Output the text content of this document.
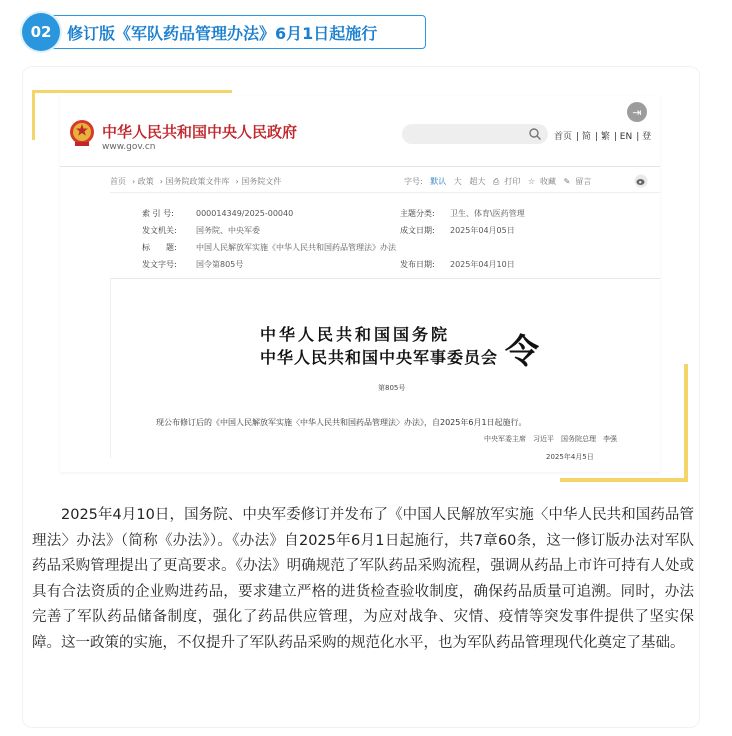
02 修订版《军队药品管理办法》6月1日起施行
中华人民共和国中央人民政府
www.gov.cn
首页 | 简 | 繁 | EN | 登
⇥
首页 › 政策 › 国务院政策文件库 › 国务院文件	字号: 默认 大 超大 ⎙ 打印 ☆ 收藏 ✎ 留言
索 引 号:	000014349/2025-00040	主题分类: 卫生、体育\医药管理
发文机关: 国务院、中央军委	成文日期: 2025年04月05日
标　　题: 中国人民解放军实施《中华人民共和国药品管理法》办法
发文字号: 国令第805号	发布日期: 2025年04月10日
中华人民共和国国务院
中华人民共和国中央军事委员会 令
第805号
现公布修订后的《中国人民解放军实施〈中华人民共和国药品管理法〉办法》，自2025年6月1日起施行。
中央军委主席　习近平　国务院总理　李强
2025年4月5日

2025年4月10日，国务院、中央军委修订并发布了《中国人民解放军实施〈中华人民共和国药品管理法〉办法》（简称《办法》）。《办法》自2025年6月1日起施行，共7章60条，这一修订版办法对军队药品采购管理提出了更高要求。《办法》明确规范了军队药品采购流程，强调从药品上市许可持有人处或具有合法资质的企业购进药品，要求建立严格的进货检查验收制度，确保药品质量可追溯。同时，办法完善了军队药品储备制度，强化了药品供应管理，为应对战争、灾情、疫情等突发事件提供了坚实保障。这一政策的实施，不仅提升了军队药品采购的规范化水平，也为军队药品管理现代化奠定了基础。
